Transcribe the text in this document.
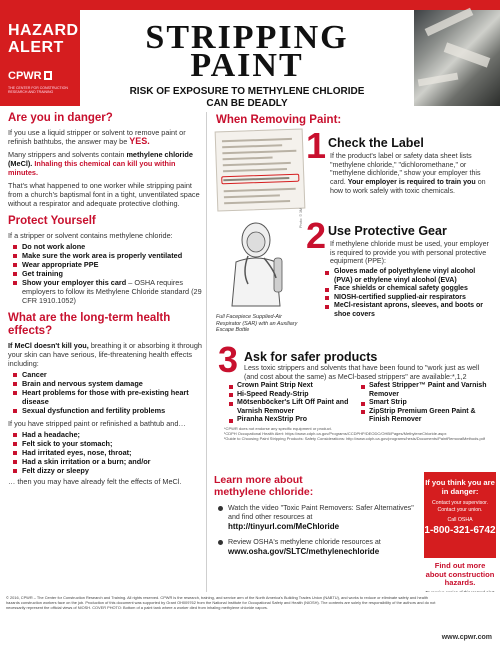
HAZARD
ALERT
CPWR
THE CENTER FOR CONSTRUCTION RESEARCH AND TRAINING
STRIPPING
PAINT
RISK OF EXPOSURE TO METHYLENE CHLORIDE
CAN BE DEADLY
Are you in danger?

If you use a liquid stripper or solvent to remove paint or refinish bathtubs, the answer may be YES.

Many strippers and solvents contain methylene chloride (MeCl). Inhaling this chemical can kill you within minutes.

That's what happened to one worker while stripping paint from a church's baptismal font in a tight, unventilated space without a respirator and adequate protective clothing.

Protect Yourself

If a stripper or solvent contains methylene chloride:

Do not work alone
Make sure the work area is properly ventilated
Wear appropriate PPE
Get training
Show your employer this card – OSHA requires employers to follow its Methylene Chloride standard (29 CFR 1910.1052)
What are the long-term health effects?

If MeCl doesn't kill you, breathing it or absorbing it through your skin can have serious, life-threatening health effects including:

Cancer
Brain and nervous system damage
Heart problems for those with pre-existing heart disease
Sexual dysfunction and fertility problems

If you have stripped paint or refinished a bathtub and…

Had a headache;
Felt sick to your stomach;
Had irritated eyes, nose, throat;
Had a skin irritation or a burn; and/or
Felt dizzy or sleepy

… then you may have already felt the effects of MeCl.

When Removing Paint:
1 Check the Label
If the product's label or safety data sheet lists "methylene chloride," "dichloromethane," or "methylene dichloride," show your employer this card. Your employer is required to train you on how to work safely with toxic chemicals.
Photo: © 3M
Full Facepiece Supplied-Air Respirator (SAR) with an Auxiliary Escape Bottle
2 Use Protective Gear
If methylene chloride must be used, your employer is required to provide you with personal protective equipment (PPE):
Gloves made of polyethylene vinyl alcohol (PVA) or ethylene vinyl alcohol (EVA)
Face shields or chemical safety goggles
NIOSH-certified supplied-air respirators
MeCl-resistant aprons, sleeves, and boots or shoe covers
3 Ask for safer products
Less toxic strippers and solvents that have been found to "work just as well (and cost about the same) as MeCl-based strippers" are available:*,1,2
Crown Paint Strip Next
Hi-Speed Ready-Strip
Mötsenböcker's Lift Off Paint and Varnish Remover
Piranha NexStrip Pro
Safest Stripper™ Paint and Varnish Remover
Smart Strip
ZipStrip Premium Green Paint & Finish Remover
*CPWR does not endorse any specific equipment or product.
¹CDPH Occupational Health Alert: https://www.cdph.ca.gov/Programs/CCDPHP/DEODC/OHB/Pages/MethyleneChloride.aspx
²Guide to Choosing Paint Stripping Products: Safety Considerations: http://www.cdph.ca.gov/programs/hesis/Documents/PaintRemovalMethods.pdf
Learn more about
methylene chloride:
Watch the video "Toxic Paint Removers: Safer Alternatives" and find other resources at http://tinyurl.com/MeChloride
Review OSHA's methylene chloride resources at www.osha.gov/SLTC/methylenechloride
If you think you are in danger:
Contact your supervisor. Contact your union.
Call OSHA
1-800-321-6742
Find out more about construction hazards.
© 2016, CPWR – The Center for Construction Research and Training. All rights reserved. CPWR is the research, training, and service arm of the North America's Building Trades Union (NABTU), and works to reduce or eliminate safety and health hazards construction workers face on the job. Production of this document was supported by Grant OH009762 from the National Institute for Occupational Safety and Health (NIOSH). The contents are solely the responsibility of the authors and do not necessarily represent the official views of NIOSH. COVER PHOTO: Bottom of a paint tank where a worker died from inhaling methylene chloride vapors.
www.cpwr.com
